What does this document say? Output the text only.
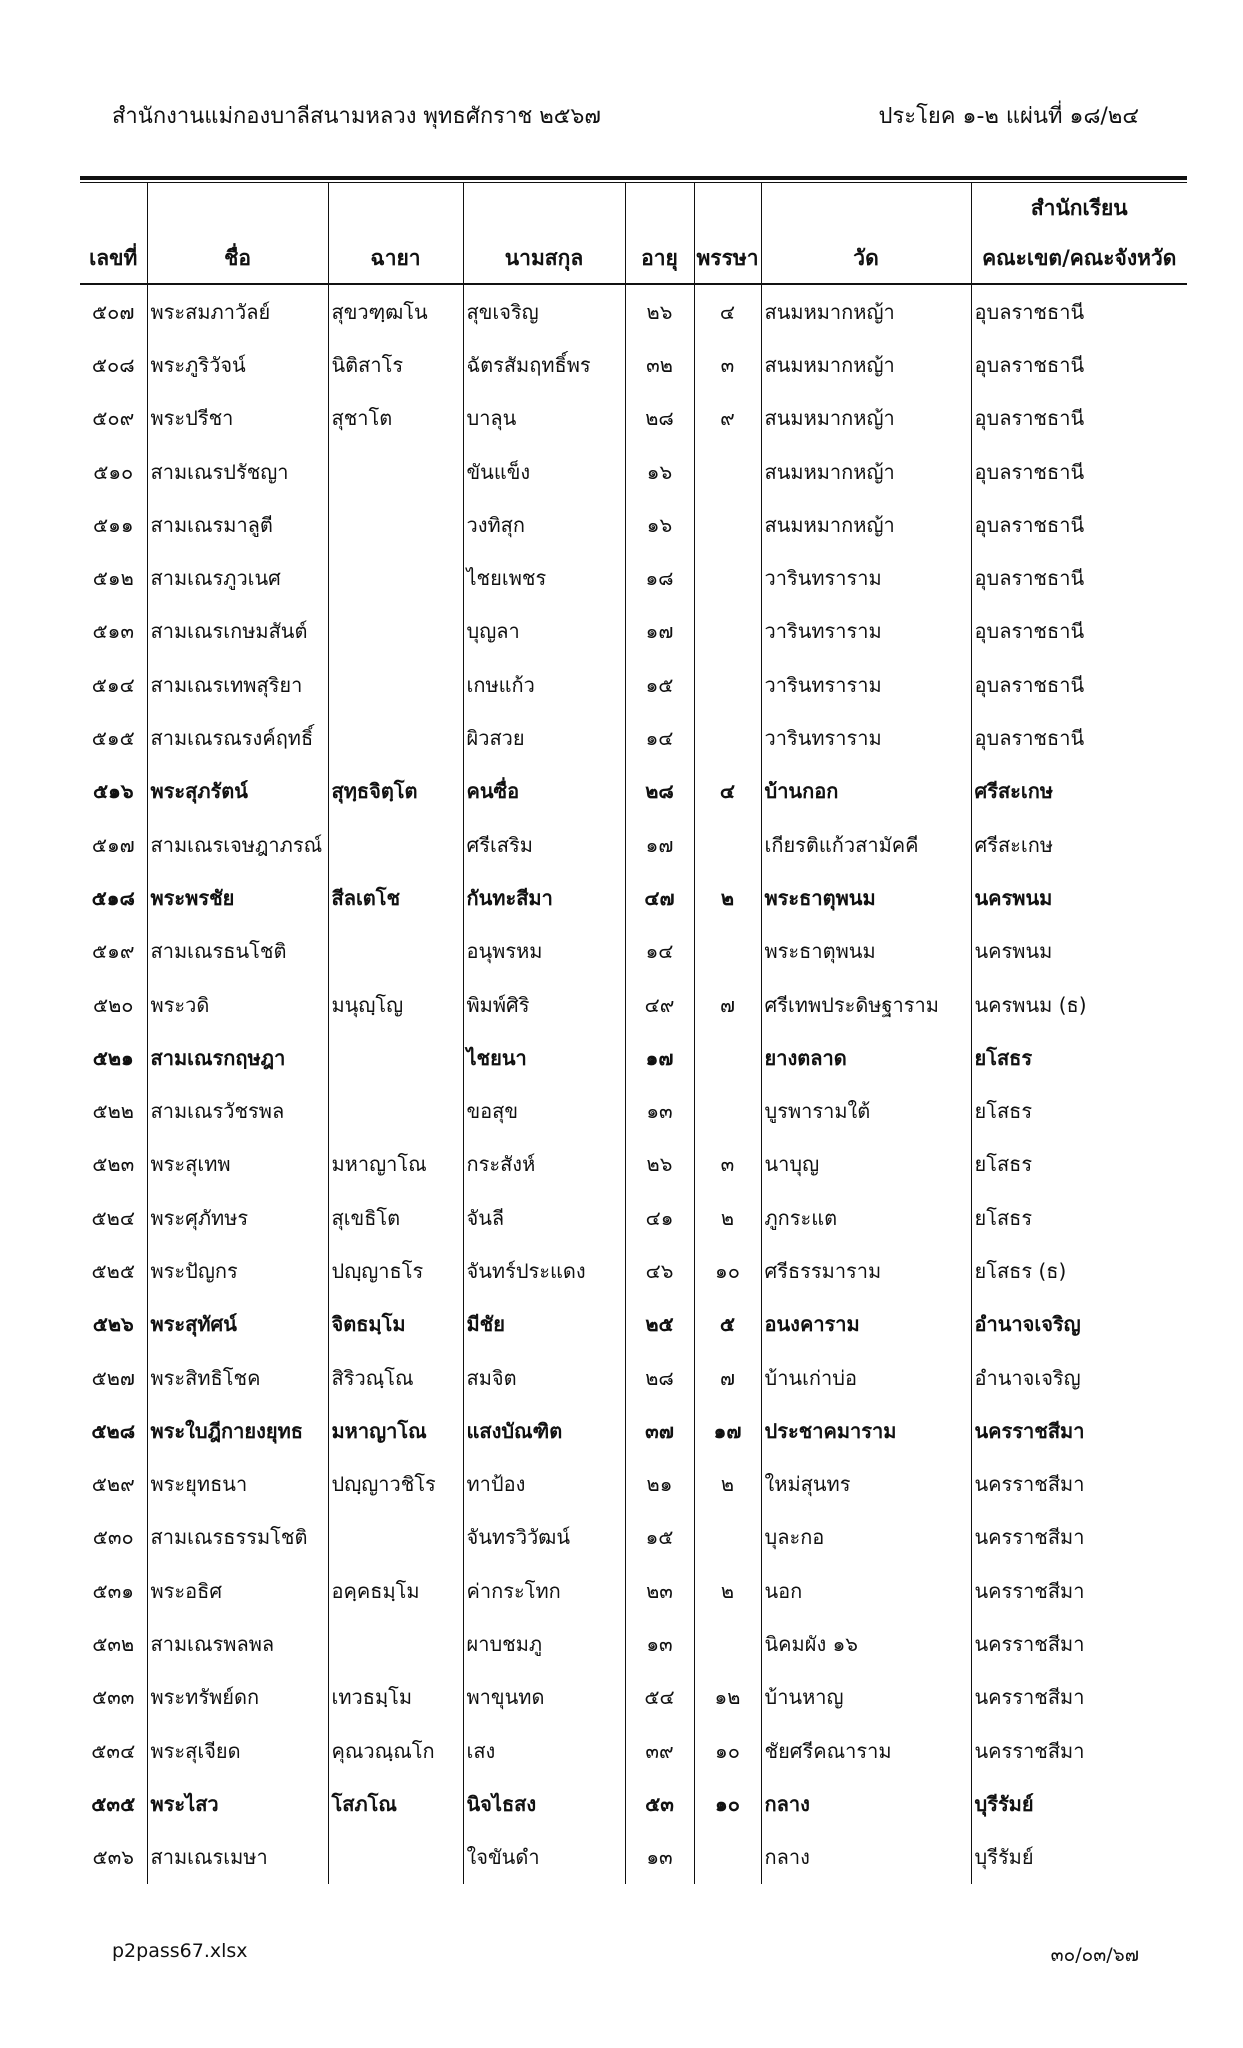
สำนักงานแม่กองบาลีสนามหลวง พุทธศักราช ๒๕๖๗	ประโยค ๑-๒ แผ่นที่ ๑๘/๒๔
เลขที่	ชื่อ	ฉายา	นามสกุล	อายุ	พรรษา	วัด	สำนักเรียน
คณะเขต/คณะจังหวัด

๕๐๗	พระสมภาวัลย์	สุขวฑฺฒโน	สุขเจริญ	๒๖	๔	สนมหมากหญ้า	อุบลราชธานี
๕๐๘	พระภูริวัจน์	นิติสาโร	ฉัตรสัมฤทธิ์พร	๓๒	๓	สนมหมากหญ้า	อุบลราชธานี
๕๐๙	พระปรีชา	สุชาโต	บาลุน	๒๘	๙	สนมหมากหญ้า	อุบลราชธานี
๕๑๐	สามเณรปรัชญา		ขันแข็ง	๑๖		สนมหมากหญ้า	อุบลราชธานี
๕๑๑	สามเณรมาลูตี		วงทิสุก	๑๖		สนมหมากหญ้า	อุบลราชธานี
๕๑๒	สามเณรภูวเนศ		ไชยเพชร	๑๘		วารินทราราม	อุบลราชธานี
๕๑๓	สามเณรเกษมสันต์		บุญลา	๑๗		วารินทราราม	อุบลราชธานี
๕๑๔	สามเณรเทพสุริยา		เกษแก้ว	๑๕		วารินทราราม	อุบลราชธานี
๕๑๕	สามเณรณรงค์ฤทธิ์		ผิวสวย	๑๔		วารินทราราม	อุบลราชธานี
๕๑๖	พระสุภรัตน์	สุทฺธจิตฺโต	คนซื่อ	๒๘	๔	บ้านกอก	ศรีสะเกษ
๕๑๗	สามเณรเจษฎาภรณ์		ศรีเสริม	๑๗		เกียรติแก้วสามัคคี	ศรีสะเกษ
๕๑๘	พระพรชัย	สีลเตโช	กันทะสีมา	๔๗	๒	พระธาตุพนม	นครพนม
๕๑๙	สามเณรธนโชติ		อนุพรหม	๑๔		พระธาตุพนม	นครพนม
๕๒๐	พระวดิ	มนุญฺโญ	พิมพ์ศิริ	๔๙	๗	ศรีเทพประดิษฐาราม	นครพนม (ธ)
๕๒๑	สามเณรกฤษฎา		ไชยนา	๑๗		ยางตลาด	ยโสธร
๕๒๒	สามเณรวัชรพล		ขอสุข	๑๓		บูรพารามใต้	ยโสธร
๕๒๓	พระสุเทพ	มหาญาโณ	กระสังห์	๒๖	๓	นาบุญ	ยโสธร
๕๒๔	พระศุภัทษร	สุเขธิโต	จันลี	๔๑	๒	ภูกระแต	ยโสธร
๕๒๕	พระปัญกร	ปญฺญาธโร	จันทร์ประแดง	๔๖	๑๐	ศรีธรรมาราม	ยโสธร (ธ)
๕๒๖	พระสุทัศน์	จิตธมฺโม	มีชัย	๒๕	๕	อนงคาราม	อำนาจเจริญ
๕๒๗	พระสิทธิโชค	สิริวณฺโณ	สมจิต	๒๘	๗	บ้านเก่าบ่อ	อำนาจเจริญ
๕๒๘	พระใบฎีกายงยุทธ	มหาญาโณ	แสงบัณฑิต	๓๗	๑๗	ประชาคมาราม	นครราชสีมา
๕๒๙	พระยุทธนา	ปญฺญาวชิโร	ทาป้อง	๒๑	๒	ใหม่สุนทร	นครราชสีมา
๕๓๐	สามเณรธรรมโชติ		จันทรวิวัฒน์	๑๕		บุละกอ	นครราชสีมา
๕๓๑	พระอธิศ	อคฺคธมฺโม	ค่ากระโทก	๒๓	๒	นอก	นครราชสีมา
๕๓๒	สามเณรพลพล		ผาบชมภู	๑๓		นิคมผัง ๑๖	นครราชสีมา
๕๓๓	พระทรัพย์ดก	เทวธมฺโม	พาขุนทด	๕๔	๑๒	บ้านหาญ	นครราชสีมา
๕๓๔	พระสุเจียด	คุณวณฺณโก	เสง	๓๙	๑๐	ชัยศรีคณาราม	นครราชสีมา
๕๓๕	พระไสว	โสภโณ	นิจไธสง	๕๓	๑๐	กลาง	บุรีรัมย์
๕๓๖	สามเณรเมษา		ใจขันดำ	๑๓		กลาง	บุรีรัมย์
p2pass67.xlsx	๓๐/๐๓/๖๗
